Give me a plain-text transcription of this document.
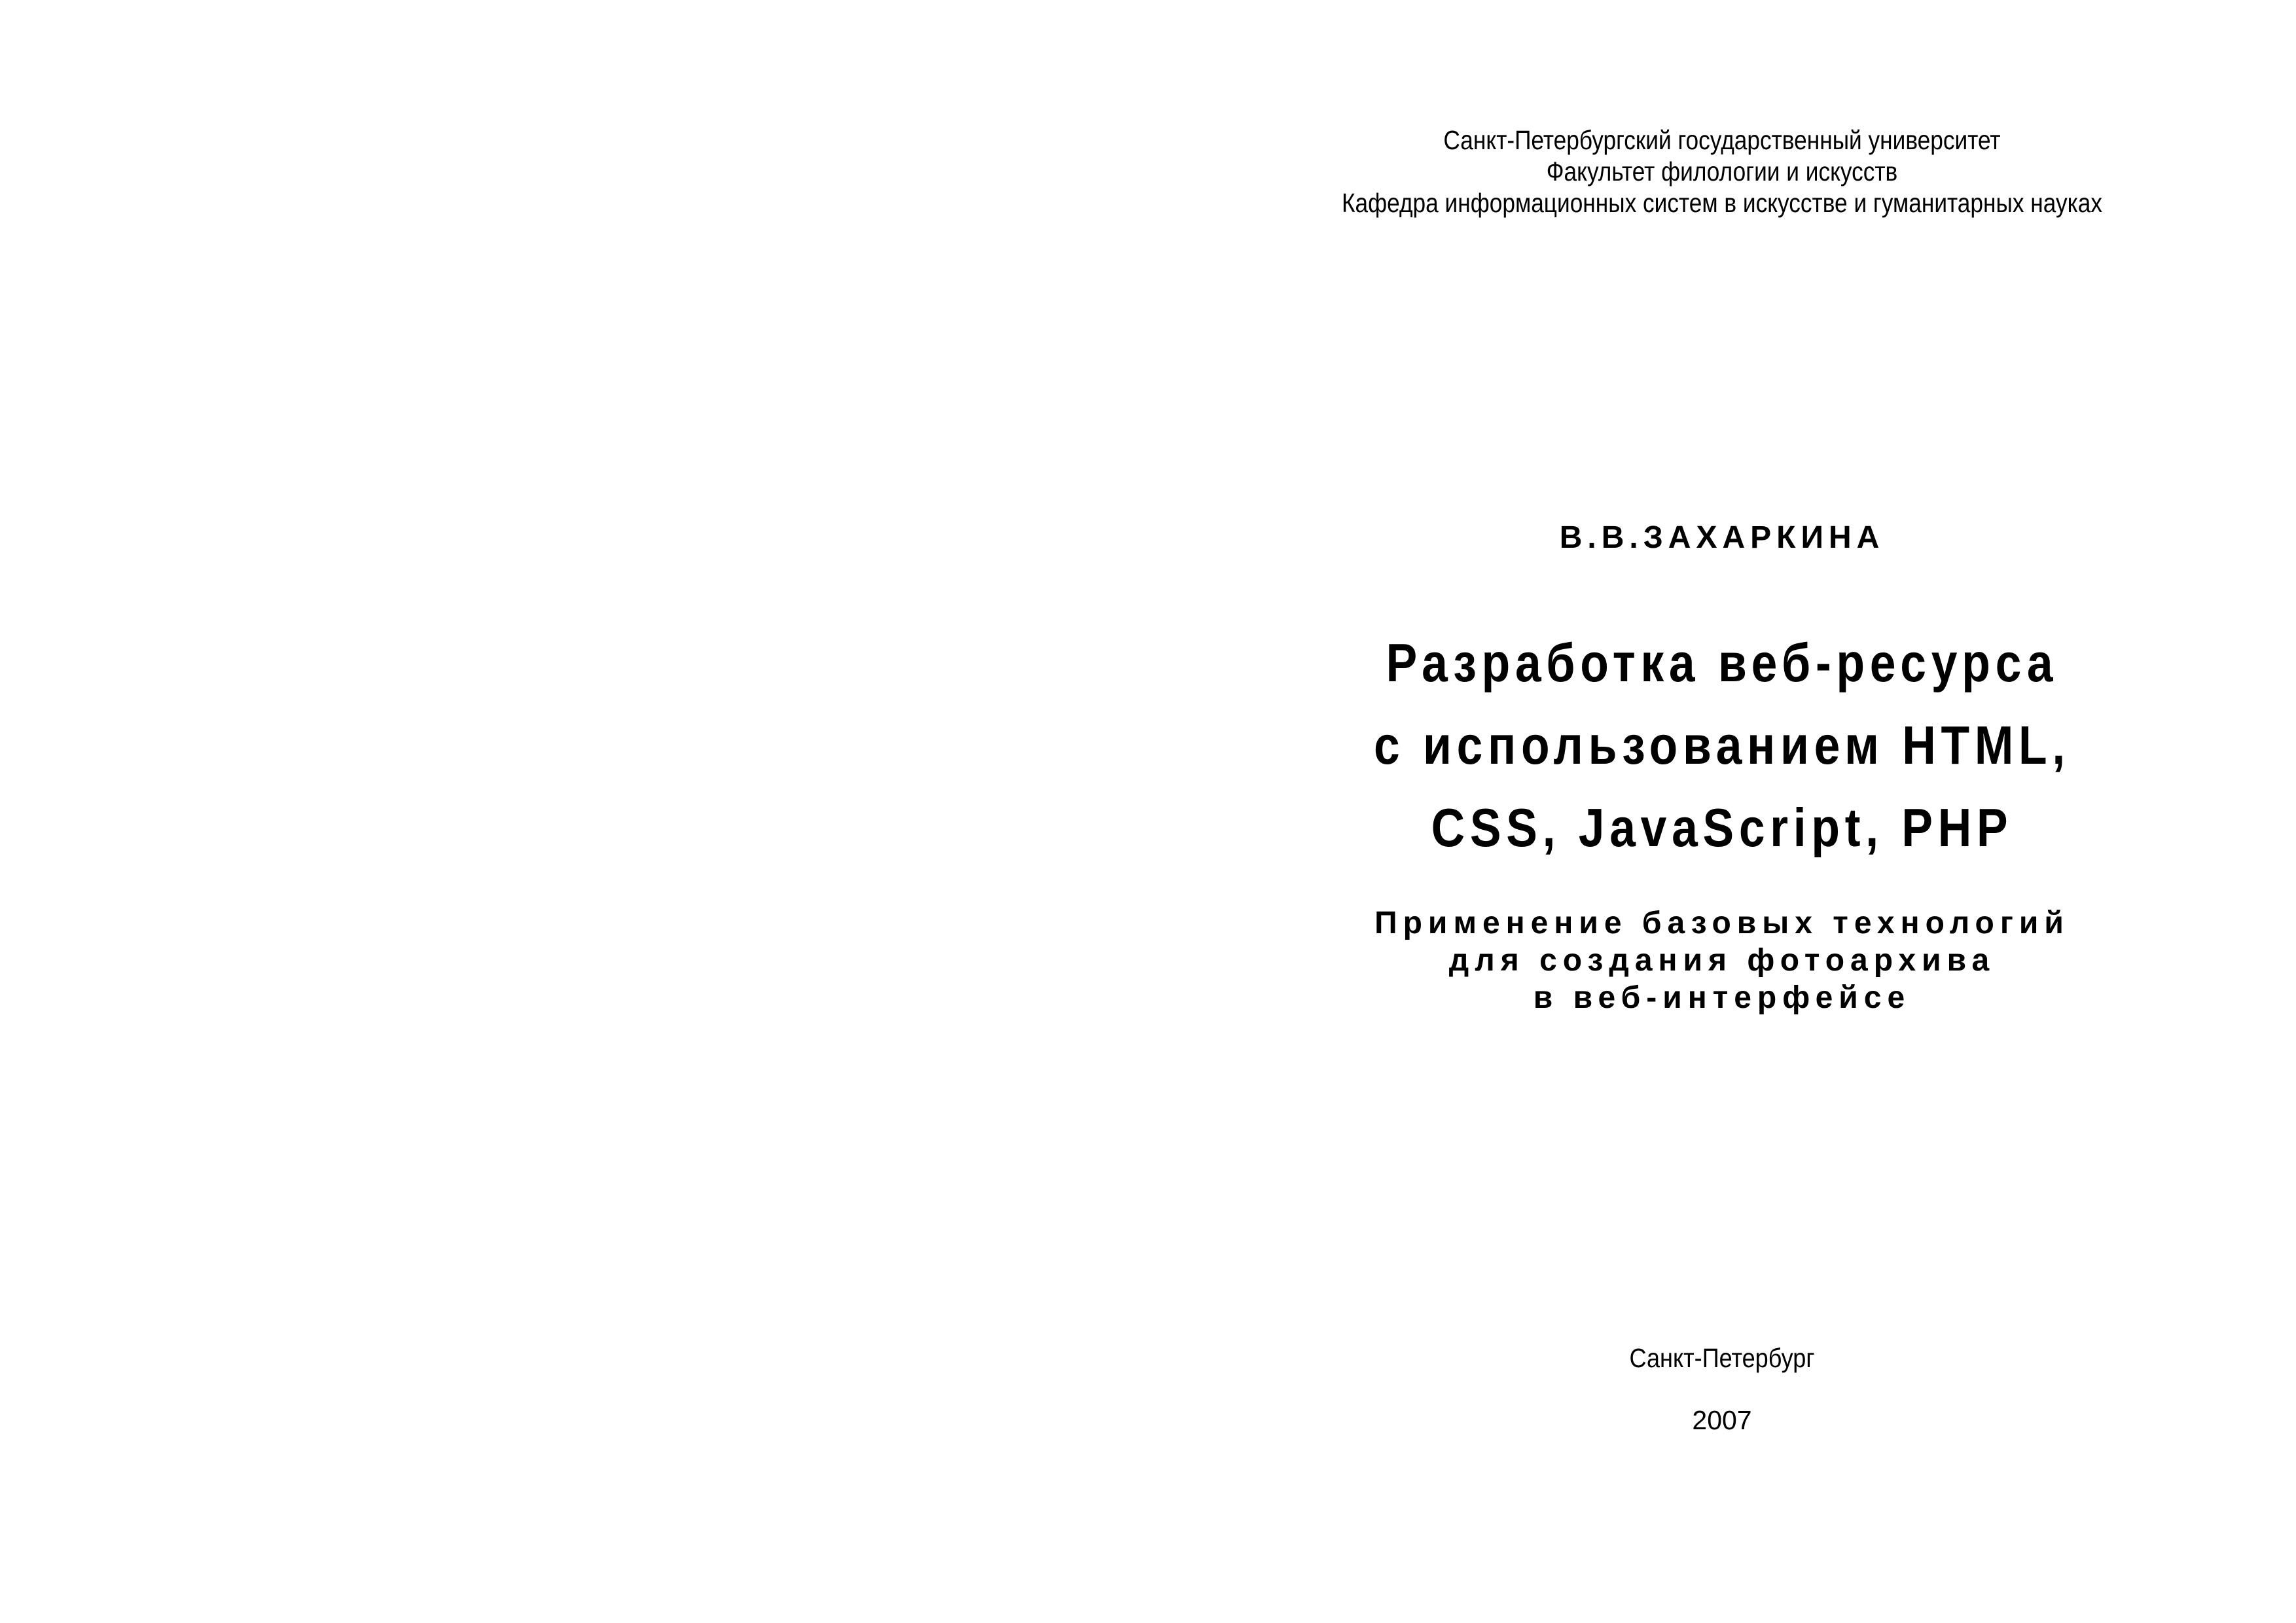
Санкт-Петербургский государственный университет
Факультет филологии и искусств
Кафедра информационных систем в искусстве и гуманитарных науках
В.В.ЗАХАРКИНА
Разработка веб-ресурса
с использованием HTML,
CSS, JavaScript, PHP
Применение базовых технологий
для создания фотоархива
в веб-интерфейсе
Санкт-Петербург
2007
